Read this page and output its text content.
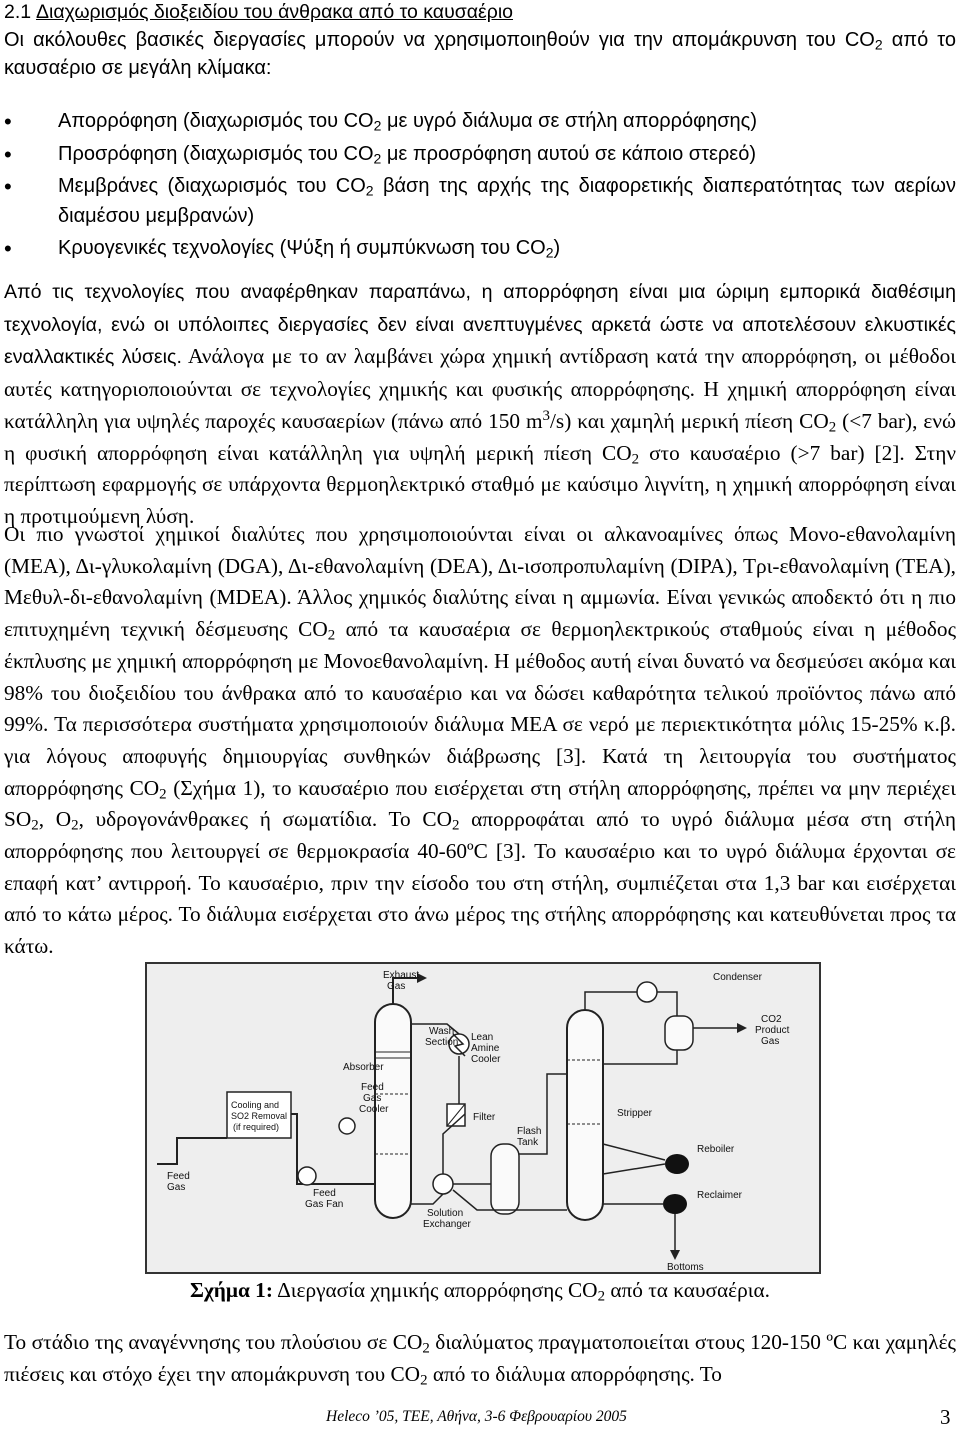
2.1 Διαχωρισμός διοξειδίου του άνθρακα από το καυσαέριο
Οι ακόλουθες βασικές διεργασίες μπορούν να χρησιμοποιηθούν για την απομάκρυνση του $CO_2$ από το καυσαέριο σε μεγάλη κλίμακα:
• Απορρόφηση (διαχωρισμός του $CO_2$ με υγρό διάλυμα σε στήλη απορρόφησης)
• Προσρόφηση (διαχωρισμός του $CO_2$ με προσρόφηση αυτού σε κάποιο στερεό)
• Μεμβράνες (διαχωρισμός του $CO_2$ βάση της αρχής της διαφορετικής διαπερατότητας των αερίων διαμέσου μεμβρανών)
• Κρυογενικές τεχνολογίες (Ψύξη ή συμπύκνωση του $CO_2$)

Από τις τεχνολογίες που αναφέρθηκαν παραπάνω, η απορρόφηση είναι μια ώριμη εμπορικά διαθέσιμη τεχνολογία, ενώ οι υπόλοιπες διεργασίες δεν είναι ανεπτυγμένες αρκετά ώστε να αποτελέσουν ελκυστικές εναλλακτικές λύσεις. Ανάλογα με το αν λαμβάνει χώρα χημική αντίδραση κατά την απορρόφηση, οι μέθοδοι αυτές κατηγοριοποιούνται σε τεχνολογίες χημικής και φυσικής απορρόφησης. Η χημική απορρόφηση είναι κατάλληλη για υψηλές παροχές καυσαερίων (πάνω από 150 $m^3/s$) και χαμηλή μερική πίεση $CO_2$ (<7 bar), ενώ η φυσική απορρόφηση είναι κατάλληλη για υψηλή μερική πίεση $CO_2$ στο καυσαέριο (>7 bar) [2]. Στην περίπτωση εφαρμογής σε υπάρχοντα θερμοηλεκτρικό σταθμό με καύσιμο λιγνίτη, η χημική απορρόφηση είναι η προτιμούμενη λύση.

Οι πιο γνωστοί χημικοί διαλύτες που χρησιμοποιούνται είναι οι αλκανοαμίνες όπως Μονο-εθανολαμίνη (MEA), Δι-γλυκολαμίνη (DGA), Δι-εθανολαμίνη (DEA), Δι-ισοπροπυλαμίνη (DIPA), Τρι-εθανολαμίνη (TEA), Μεθυλ-δι-εθανολαμίνη (MDEA). Άλλος χημικός διαλύτης είναι η αμμωνία. Είναι γενικώς αποδεκτό ότι η πιο επιτυχημένη τεχνική δέσμευσης $CO_2$ από τα καυσαέρια σε θερμοηλεκτρικούς σταθμούς είναι η μέθοδος έκπλυσης με χημική απορρόφηση με Μονοεθανολαμίνη. Η μέθοδος αυτή είναι δυνατό να δεσμεύσει ακόμα και 98% του διοξειδίου του άνθρακα από το καυσαέριο και να δώσει καθαρότητα τελικού προϊόντος πάνω από 99%. Τα περισσότερα συστήματα χρησιμοποιούν διάλυμα MEA σε νερό με περιεκτικότητα μόλις 15-25% κ.β. για λόγους αποφυγής δημιουργίας συνθηκών διάβρωσης [3]. Κατά τη λειτουργία του συστήματος απορρόφησης $CO_2$ (Σχήμα 1), το καυσαέριο που εισέρχεται στη στήλη απορρόφησης, πρέπει να μην περιέχει $SO_2$, $O_2$, υδρογονάνθρακες ή σωματίδια. Το $CO_2$ απορροφάται από το υγρό διάλυμα μέσα στη στήλη απορρόφησης που λειτουργεί σε θερμοκρασία 40-60ºC [3]. Το καυσαέριο και το υγρό διάλυμα έρχονται σε επαφή κατ’ αντιρροή. Το καυσαέριο, πριν την είσοδο του στη στήλη, συμπιέζεται στα 1,3 bar και εισέρχεται από το κάτω μέρος. Το διάλυμα εισέρχεται στο άνω μέρος της στήλης απορρόφησης και κατευθύνεται προς τα κάτω.

Exhaust Gas
Wash Section Lean Amine Cooler
Absorber
Feed Gas Cooler
Filter
Cooling and SO2 Removal (if required)
Feed Gas
Feed Gas Fan
Solution Exchanger
Flash Tank
Condenser
CO2 Product Gas
Stripper
Reboiler
Reclaimer
Bottoms
Σχήμα 1: Διεργασία χημικής απορρόφησης $CO_2$ από τα καυσαέρια.

Το στάδιο της αναγέννησης του πλούσιου σε $CO_2$ διαλύματος πραγματοποιείται στους 120-150 ºC και χαμηλές πιέσεις και στόχο έχει την απομάκρυνση του $CO_2$ από το διάλυμα απορρόφησης. Το

Heleco ’05, ΤΕΕ, Αθήνα, 3-6 Φεβρουαρίου 2005	3
